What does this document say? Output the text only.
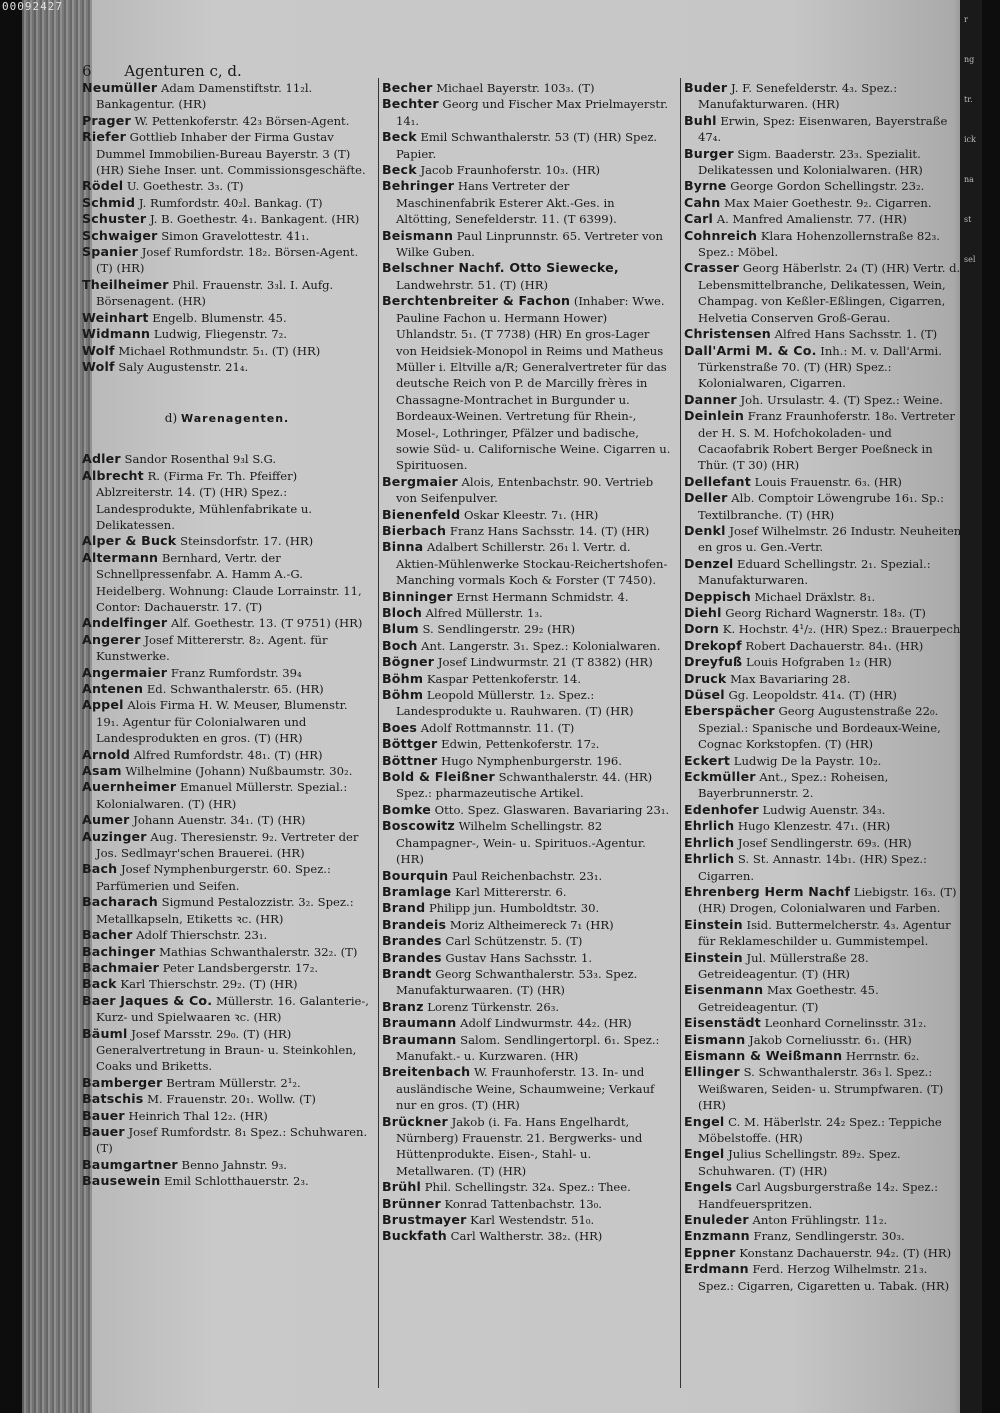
r
ng
tr.
ick
na
st
sel
00092427
6 Agenturen c, d.
Neumüller Adam Damenstiftstr. 11₂l. Bankagentur. (HR)
Prager W. Pettenkoferstr. 42₃ Börsen-Agent.
Riefer Gottlieb Inhaber der Firma Gustav Dummel Immobilien-Bureau Bayerstr. 3 (T) (HR) Siehe Inser. unt. Commissionsgeschäfte.
Rödel U. Goethestr. 3₃. (T)
Schmid J. Rumfordstr. 40₂l. Bankag. (T)
Schuster J. B. Goethestr. 4₁. Bankagent. (HR)
Schwaiger Simon Gravelottestr. 41₁.
Spanier Josef Rumfordstr. 18₂. Börsen-Agent. (T) (HR)
Theilheimer Phil. Frauenstr. 3₃l. I. Aufg. Börsenagent. (HR)
Weinhart Engelb. Blumenstr. 45.
Widmann Ludwig, Fliegenstr. 7₂.
Wolf Michael Rothmundstr. 5₁. (T) (HR)
Wolf Saly Augustenstr. 21₄.
d) Warenagenten.
Adler Sandor Rosenthal 9₃l S.G.
Albrecht R. (Firma Fr. Th. Pfeiffer) Ablzreiterstr. 14. (T) (HR) Spez.: Landesprodukte, Mühlenfabrikate u. Delikatessen.
Alper & Buck Steinsdorfstr. 17. (HR)
Altermann Bernhard, Vertr. der Schnellpressenfabr. A. Hamm A.-G. Heidelberg. Wohnung: Claude Lorrainstr. 11, Contor: Dachauerstr. 17. (T)
Andelfinger Alf. Goethestr. 13. (T 9751) (HR)
Angerer Josef Mittererstr. 8₂. Agent. für Kunstwerke.
Angermaier Franz Rumfordstr. 39₄
Antenen Ed. Schwanthalerstr. 65. (HR)
Appel Alois Firma H. W. Meuser, Blumenstr. 19₁. Agentur für Colonialwaren und Landesprodukten en gros. (T) (HR)
Arnold Alfred Rumfordstr. 48₁. (T) (HR)
Asam Wilhelmine (Johann) Nußbaumstr. 30₂.
Auernheimer Emanuel Müllerstr. Spezial.: Kolonialwaren. (T) (HR)
Aumer Johann Auenstr. 34₁. (T) (HR)
Auzinger Aug. Theresienstr. 9₂. Vertreter der Jos. Sedlmayr'schen Brauerei. (HR)
Bach Josef Nymphenburgerstr. 60. Spez.: Parfümerien und Seifen.
Bacharach Sigmund Pestalozzistr. 3₂. Spez.: Metallkapseln, Etiketts ꝛc. (HR)
Bacher Adolf Thierschstr. 23₁.
Bachinger Mathias Schwanthalerstr. 32₂. (T)
Bachmaier Peter Landsbergerstr. 17₂.
Back Karl Thierschstr. 29₂. (T) (HR)
Baer Jaques & Co. Müllerstr. 16. Galanterie-, Kurz- und Spielwaaren ꝛc. (HR)
Bäuml Josef Marsstr. 29₀. (T) (HR) Generalvertretung in Braun- u. Steinkohlen, Coaks und Briketts.
Bamberger Bertram Müllerstr. 2¹₂.
Batschis M. Frauenstr. 20₁. Wollw. (T)
Bauer Heinrich Thal 12₂. (HR)
Bauer Josef Rumfordstr. 8₁ Spez.: Schuhwaren. (T)
Baumgartner Benno Jahnstr. 9₃.
Bausewein Emil Schlotthauerstr. 2₃.
Becher Michael Bayerstr. 103₃. (T)
Bechter Georg und Fischer Max Prielmayerstr. 14₁.
Beck Emil Schwanthalerstr. 53 (T) (HR) Spez. Papier.
Beck Jacob Fraunhoferstr. 10₃. (HR)
Behringer Hans Vertreter der Maschinenfabrik Esterer Akt.-Ges. in Altötting, Senefelderstr. 11. (T 6399).
Beismann Paul Linprunnstr. 65. Vertreter von Wilke Guben.
Belschner Nachf. Otto Siewecke, Landwehrstr. 51. (T) (HR)
Berchtenbreiter & Fachon (Inhaber: Wwe. Pauline Fachon u. Hermann Hower) Uhlandstr. 5₁. (T 7738) (HR) En gros-Lager von Heidsiek-Monopol in Reims und Matheus Müller i. Eltville a/R; Generalvertreter für das deutsche Reich von P. de Marcilly frères in Chassagne-Montrachet in Burgunder u. Bordeaux-Weinen. Vertretung für Rhein-, Mosel-, Lothringer, Pfälzer und badische, sowie Süd- u. Californische Weine. Cigarren u. Spirituosen.
Bergmaier Alois, Entenbachstr. 90. Vertrieb von Seifenpulver.
Bienenfeld Oskar Kleestr. 7₁. (HR)
Bierbach Franz Hans Sachsstr. 14. (T) (HR)
Binna Adalbert Schillerstr. 26₁ l. Vertr. d. Aktien-Mühlenwerke Stockau-Reichertshofen-Manching vormals Koch & Forster (T 7450).
Binninger Ernst Hermann Schmidstr. 4.
Bloch Alfred Müllerstr. 1₃.
Blum S. Sendlingerstr. 29₂ (HR)
Boch Ant. Langerstr. 3₁. Spez.: Kolonialwaren.
Bögner Josef Lindwurmstr. 21 (T 8382) (HR)
Böhm Kaspar Pettenkoferstr. 14.
Böhm Leopold Müllerstr. 1₂. Spez.: Landesprodukte u. Rauhwaren. (T) (HR)
Boes Adolf Rottmannstr. 11. (T)
Böttger Edwin, Pettenkoferstr. 17₂.
Böttner Hugo Nymphenburgerstr. 196.
Bold & Fleißner Schwanthalerstr. 44. (HR) Spez.: pharmazeutische Artikel.
Bomke Otto. Spez. Glaswaren. Bavariaring 23₁.
Boscowitz Wilhelm Schellingstr. 82 Champagner-, Wein- u. Spirituos.-Agentur. (HR)
Bourquin Paul Reichenbachstr. 23₁.
Bramlage Karl Mittererstr. 6.
Brand Philipp jun. Humboldtstr. 30.
Brandeis Moriz Altheimereck 7₁ (HR)
Brandes Carl Schützenstr. 5. (T)
Brandes Gustav Hans Sachsstr. 1.
Brandt Georg Schwanthalerstr. 53₃. Spez. Manufakturwaaren. (T) (HR)
Branz Lorenz Türkenstr. 26₃.
Braumann Adolf Lindwurmstr. 44₂. (HR)
Braumann Salom. Sendlingertorpl. 6₁. Spez.: Manufakt.- u. Kurzwaren. (HR)
Breitenbach W. Fraunhoferstr. 13. In- und ausländische Weine, Schaumweine; Verkauf nur en gros. (T) (HR)
Brückner Jakob (i. Fa. Hans Engelhardt, Nürnberg) Frauenstr. 21. Bergwerks- und Hüttenprodukte. Eisen-, Stahl- u. Metallwaren. (T) (HR)
Brühl Phil. Schellingstr. 32₄. Spez.: Thee.
Brünner Konrad Tattenbachstr. 13₀.
Brustmayer Karl Westendstr. 51₀.
Buckfath Carl Waltherstr. 38₂. (HR)
Buder J. F. Senefelderstr. 4₃. Spez.: Manufakturwaren. (HR)
Buhl Erwin, Spez: Eisenwaren, Bayerstraße 47₄.
Burger Sigm. Baaderstr. 23₃. Spezialit. Delikatessen und Kolonialwaren. (HR)
Byrne George Gordon Schellingstr. 23₂.
Cahn Max Maier Goethestr. 9₂. Cigarren.
Carl A. Manfred Amalienstr. 77. (HR)
Cohnreich Klara Hohenzollernstraße 82₃. Spez.: Möbel.
Crasser Georg Häberlstr. 2₄ (T) (HR) Vertr. d. Lebensmittelbranche, Delikatessen, Wein, Champag. von Keßler-Eßlingen, Cigarren, Helvetia Conserven Groß-Gerau.
Christensen Alfred Hans Sachsstr. 1. (T)
Dall'Armi M. & Co. Inh.: M. v. Dall'Armi. Türkenstraße 70. (T) (HR) Spez.: Kolonialwaren, Cigarren.
Danner Joh. Ursulastr. 4. (T) Spez.: Weine.
Deinlein Franz Fraunhoferstr. 18₀. Vertreter der H. S. M. Hofchokoladen- und Cacaofabrik Robert Berger Poeßneck in Thür. (T 30) (HR)
Dellefant Louis Frauenstr. 6₃. (HR)
Deller Alb. Comptoir Löwengrube 16₁. Sp.: Textilbranche. (T) (HR)
Denkl Josef Wilhelmstr. 26 Industr. Neuheiten en gros u. Gen.-Vertr.
Denzel Eduard Schellingstr. 2₁. Spezial.: Manufakturwaren.
Deppisch Michael Dräxlstr. 8₁.
Diehl Georg Richard Wagnerstr. 18₃. (T)
Dorn K. Hochstr. 4¹/₂. (HR) Spez.: Brauerpech.
Drekopf Robert Dachauerstr. 84₁. (HR)
Dreyfuß Louis Hofgraben 1₂ (HR)
Druck Max Bavariaring 28.
Düsel Gg. Leopoldstr. 41₄. (T) (HR)
Eberspächer Georg Augustenstraße 22₀. Spezial.: Spanische und Bordeaux-Weine, Cognac Korkstopfen. (T) (HR)
Eckert Ludwig De la Paystr. 10₂.
Eckmüller Ant., Spez.: Roheisen, Bayerbrunnerstr. 2.
Edenhofer Ludwig Auenstr. 34₃.
Ehrlich Hugo Klenzestr. 47₁. (HR)
Ehrlich Josef Sendlingerstr. 69₃. (HR)
Ehrlich S. St. Annastr. 14b₁. (HR) Spez.: Cigarren.
Ehrenberg Herm Nachf Liebigstr. 16₃. (T) (HR) Drogen, Colonialwaren und Farben.
Einstein Isid. Buttermelcherstr. 4₃. Agentur für Reklameschilder u. Gummistempel.
Einstein Jul. Müllerstraße 28. Getreideagentur. (T) (HR)
Eisenmann Max Goethestr. 45. Getreideagentur. (T)
Eisenstädt Leonhard Cornelinsstr. 31₂.
Eismann Jakob Corneliusstr. 6₁. (HR)
Eismann & Weißmann Herrnstr. 6₂.
Ellinger S. Schwanthalerstr. 36₃ l. Spez.: Weißwaren, Seiden- u. Strumpfwaren. (T) (HR)
Engel C. M. Häberlstr. 24₂ Spez.: Teppiche Möbelstoffe. (HR)
Engel Julius Schellingstr. 89₂. Spez. Schuhwaren. (T) (HR)
Engels Carl Augsburgerstraße 14₂. Spez.: Handfeuerspritzen.
Enuleder Anton Frühlingstr. 11₂.
Enzmann Franz, Sendlingerstr. 30₃.
Eppner Konstanz Dachauerstr. 94₂. (T) (HR)
Erdmann Ferd. Herzog Wilhelmstr. 21₃. Spez.: Cigarren, Cigaretten u. Tabak. (HR)
